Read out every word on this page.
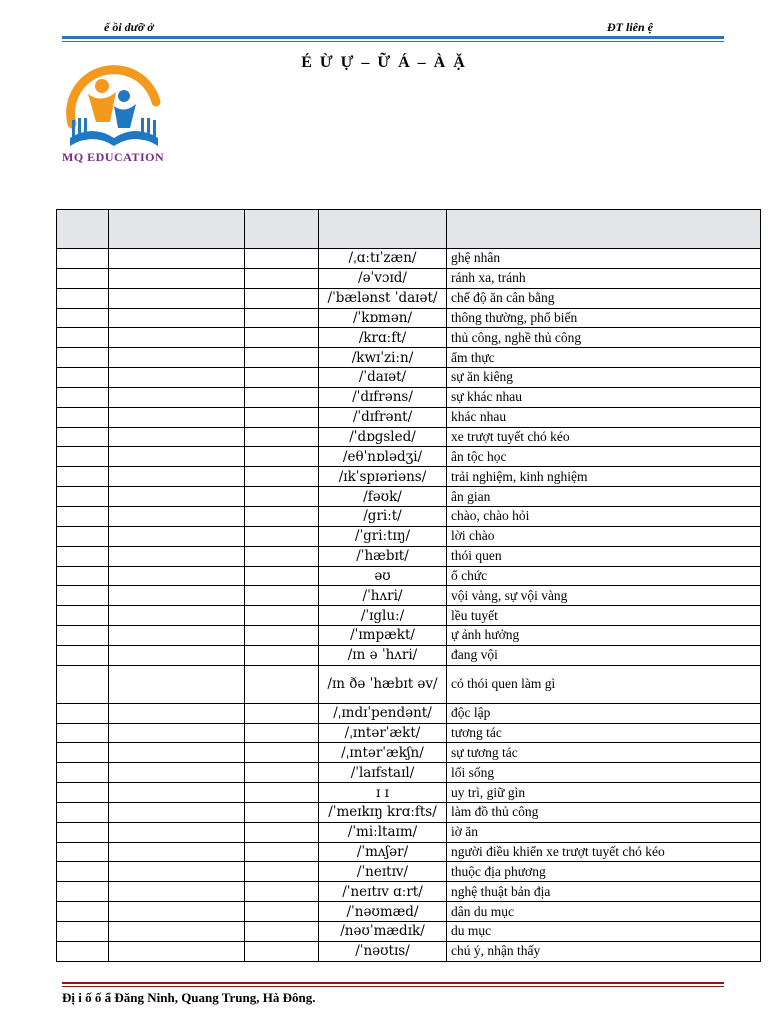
ế ồi dưỡ ở	ĐT liên ệ
MQ EDUCATION
É Ừ Ự – Ữ Á – À Ặ

			/ˌɑːtɪˈzæn/	ghệ nhân
			/əˈvɔɪd/	ránh xa, tránh
			/ˈbælənst ˈdaɪət/	chế độ ăn cân bằng
			/ˈkɒmən/	thông thường, phổ biến
			/krɑːft/	thủ công, nghề thủ công
			/kwɪˈziːn/	ẩm thực
			/ˈdaɪət/	sự ăn kiêng
			/ˈdɪfrəns/	sự khác nhau
			/ˈdɪfrənt/	khác nhau
			/ˈdɒgsled/	xe trượt tuyết chó kéo
			/eθˈnɒlədʒi/	ân tộc học
			/ɪkˈspɪəriəns/	trải nghiệm, kinh nghiệm
			/fəʊk/	ân gian
			/griːt/	chào, chào hỏi
			/ˈgriːtɪŋ/	lời chào
			/ˈhæbɪt/	thói quen
			əʊ	ổ chức
			/ˈhʌri/	vội vàng, sự vội vàng
			/ˈɪgluː/	lều tuyết
			/ˈɪmpækt/	ự ảnh hưởng
			/ɪn ə ˈhʌri/	đang vội
			/ɪn ðə ˈhæbɪt əv/	có thói quen làm gì
			/ˌɪndɪˈpendənt/	độc lập
			/ˌɪntərˈækt/	tương tác
			/ˌɪntərˈækʃn/	sự tương tác
			/ˈlaɪfstaɪl/	lối sống
			ɪ ɪ	uy trì, giữ gìn
			/ˈmeɪkɪŋ krɑːfts/	làm đồ thủ công
			/ˈmiːltaɪm/	iờ ăn
			/ˈmʌʃər/	người điều khiển xe trượt tuyết chó kéo
			/ˈneɪtɪv/	thuộc địa phương
			/ˈneɪtɪv ɑːrt/	nghệ thuật bản địa
			/ˈnəʊmæd/	dân du mục
			/nəʊˈmædɪk/	du mục
			/ˈnəʊtɪs/	chú ý, nhận thấy
Đị i ố ố ẩ Đăng Ninh, Quang Trung, Hà Đông.
